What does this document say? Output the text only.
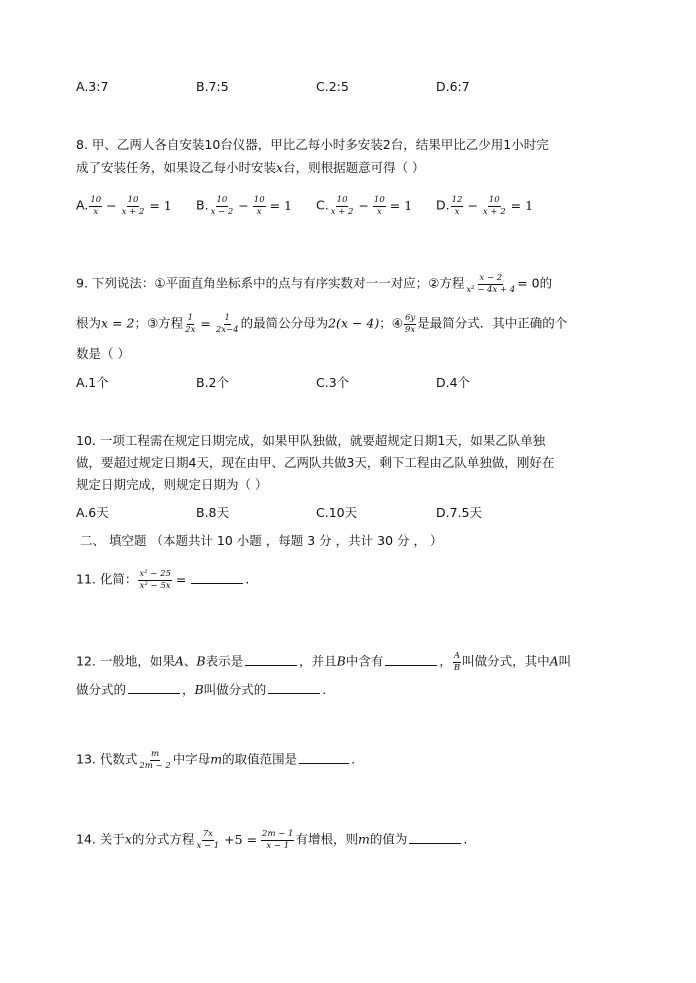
A.3:7	B.7:5	C.2:5	D.6:7
8. 甲、乙两人各自安装10台仪器，甲比乙每小时多安装2台，结果甲比乙少用1小时完
成了安装任务，如果设乙每小时安装x台，则根据题意可得（ ）
A. $\frac{10}{x} - \frac{10}{x + 2} = 1$ B. $\frac{10}{x - 2} - \frac{10}{x} = 1$ C. $\frac{10}{x + 2} - \frac{10}{x} = 1$ D. $\frac{12}{x} - \frac{10}{x + 2} = 1$
9. 下列说法：①平面直角坐标系中的点与有序实数对一一对应；②方程 $\frac{x - 2}{\text{x² − 4x + 4}} = 0$的
根为x = 2；③方程 $\frac{1}{2x} = \frac{1}{2x-4}$ 的最简公分母为2(x − 4)；④ $\frac{6y}{9x}$ 是最简分式．其中正确的个
数是（ ）
A.1个	B.2个	C.3个	D.4个
10. 一项工程需在规定日期完成，如果甲队独做，就要超规定日期1天，如果乙队单独
做，要超过规定日期4天，现在由甲、乙两队共做3天，剩下工程由乙队单独做，刚好在
规定日期完成，则规定日期为（ ）
A.6天	B.8天	C.10天	D.7.5天
二、 填空题 （本题共计 10 小题 ，每题 3 分 ，共计 30 分 ， ）
11. 化简： $\frac{\text{x² − 25}}{\text{x² − 5x}}$ =	.
12. 一般地，如果A、B表示是	，并且B中含有	， $\frac{A}{B}$ 叫做分式，其中A叫
做分式的	，B叫做分式的	.
13. 代数式 $\frac{m}{2m - 2}$ 中字母m的取值范围是	.
14. 关于x的分式方程 $\frac{7x}{x - 1} +5 = \frac{2m - 1}{x - 1}$ 有增根，则m的值为	.
